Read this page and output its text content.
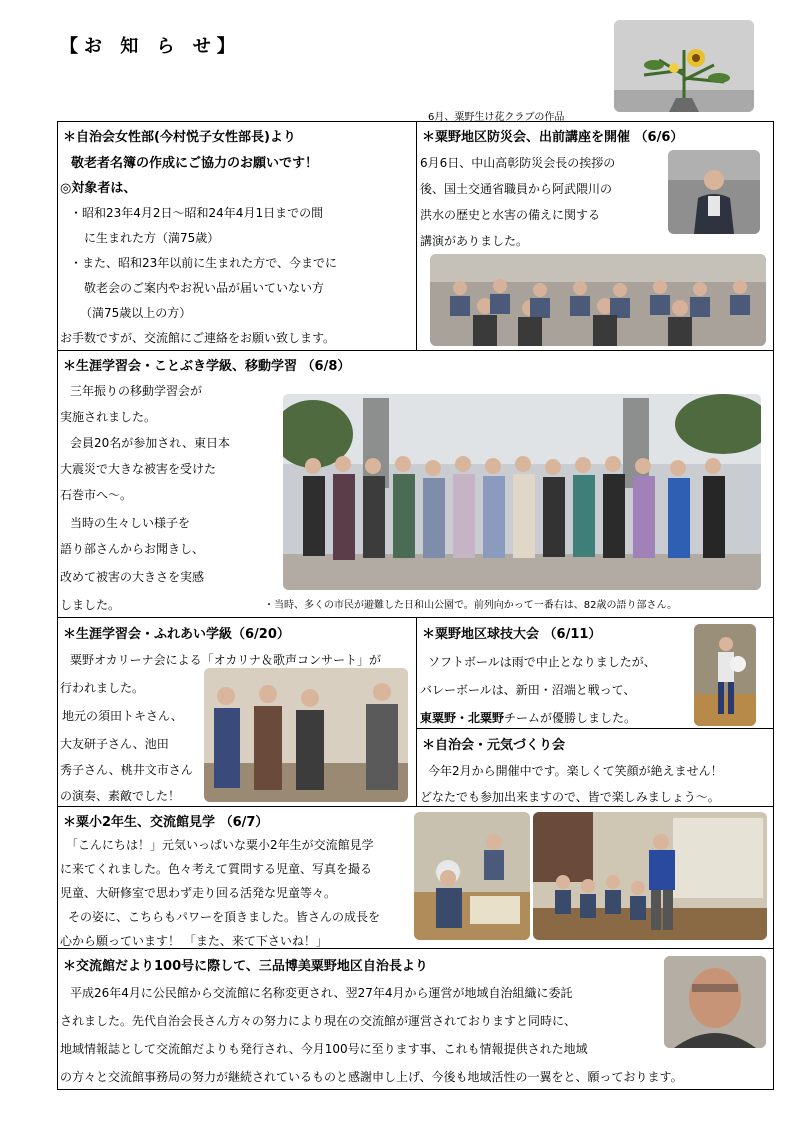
【お 知 ら せ】
6月、粟野生け花クラブの作品
＊自治会女性部(今村悦子女性部長)より
敬老者名簿の作成にご協力のお願いです！
◎対象者は、
・昭和23年4月2日～昭和24年4月1日までの間
に生まれた方（満75歳）
・また、昭和23年以前に生まれた方で、今までに
敬老会のご案内やお祝い品が届いていない方
（満75歳以上の方）
お手数ですが、交流館にご連絡をお願い致します。
＊粟野地区防災会、出前講座を開催 （6/6）
6月6日、中山高彰防災会長の挨拶の
後、国土交通省職員から阿武隈川の
洪水の歴史と水害の備えに関する
講演がありました。
＊生涯学習会・ことぶき学級、移動学習 （6/8）
三年振りの移動学習会が
実施されました。
会員20名が参加され、東日本
大震災で大きな被害を受けた
石巻市へ～。
当時の生々しい様子を
語り部さんからお聞きし、
改めて被害の大きさを実感
しました。	・当時、多くの市民が避難した日和山公園で。前列向かって一番右は、82歳の語り部さん。
＊生涯学習会・ふれあい学級（6/20）
粟野オカリーナ会による「オカリナ＆歌声コンサート」が
行われました。
地元の須田トキさん、
大友研子さん、池田
秀子さん、桃井文市さん
の演奏、素敵でした！
＊粟野地区球技大会 （6/11）
ソフトボールは雨で中止となりましたが、
バレーボールは、新田・沼端と戦って、
東粟野・北粟野チームが優勝しました。
＊自治会・元気づくり会
今年2月から開催中です。楽しくて笑顔が絶えません！
どなたでも参加出来ますので、皆で楽しみましょう～。
＊粟小2年生、交流館見学 （6/7）
「こんにちは！」元気いっぱいな粟小2年生が交流館見学
に来てくれました。色々考えて質問する児童、写真を撮る
児童、大研修室で思わず走り回る活発な児童等々。
その姿に、こちらもパワーを頂きました。皆さんの成長を
心から願っています！ 「また、来て下さいね！」
＊交流館だより100号に際して、三品博美粟野地区自治長より
平成26年4月に公民館から交流館に名称変更され、翌27年4月から運営が地域自治組織に委託
されました。先代自治会長さん方々の努力により現在の交流館が運営されておりますと同時に、
地域情報誌として交流館だよりも発行され、今月100号に至ります事、これも情報提供された地域
の方々と交流館事務局の努力が継続されているものと感謝申し上げ、今後も地域活性の一翼をと、願っております。
